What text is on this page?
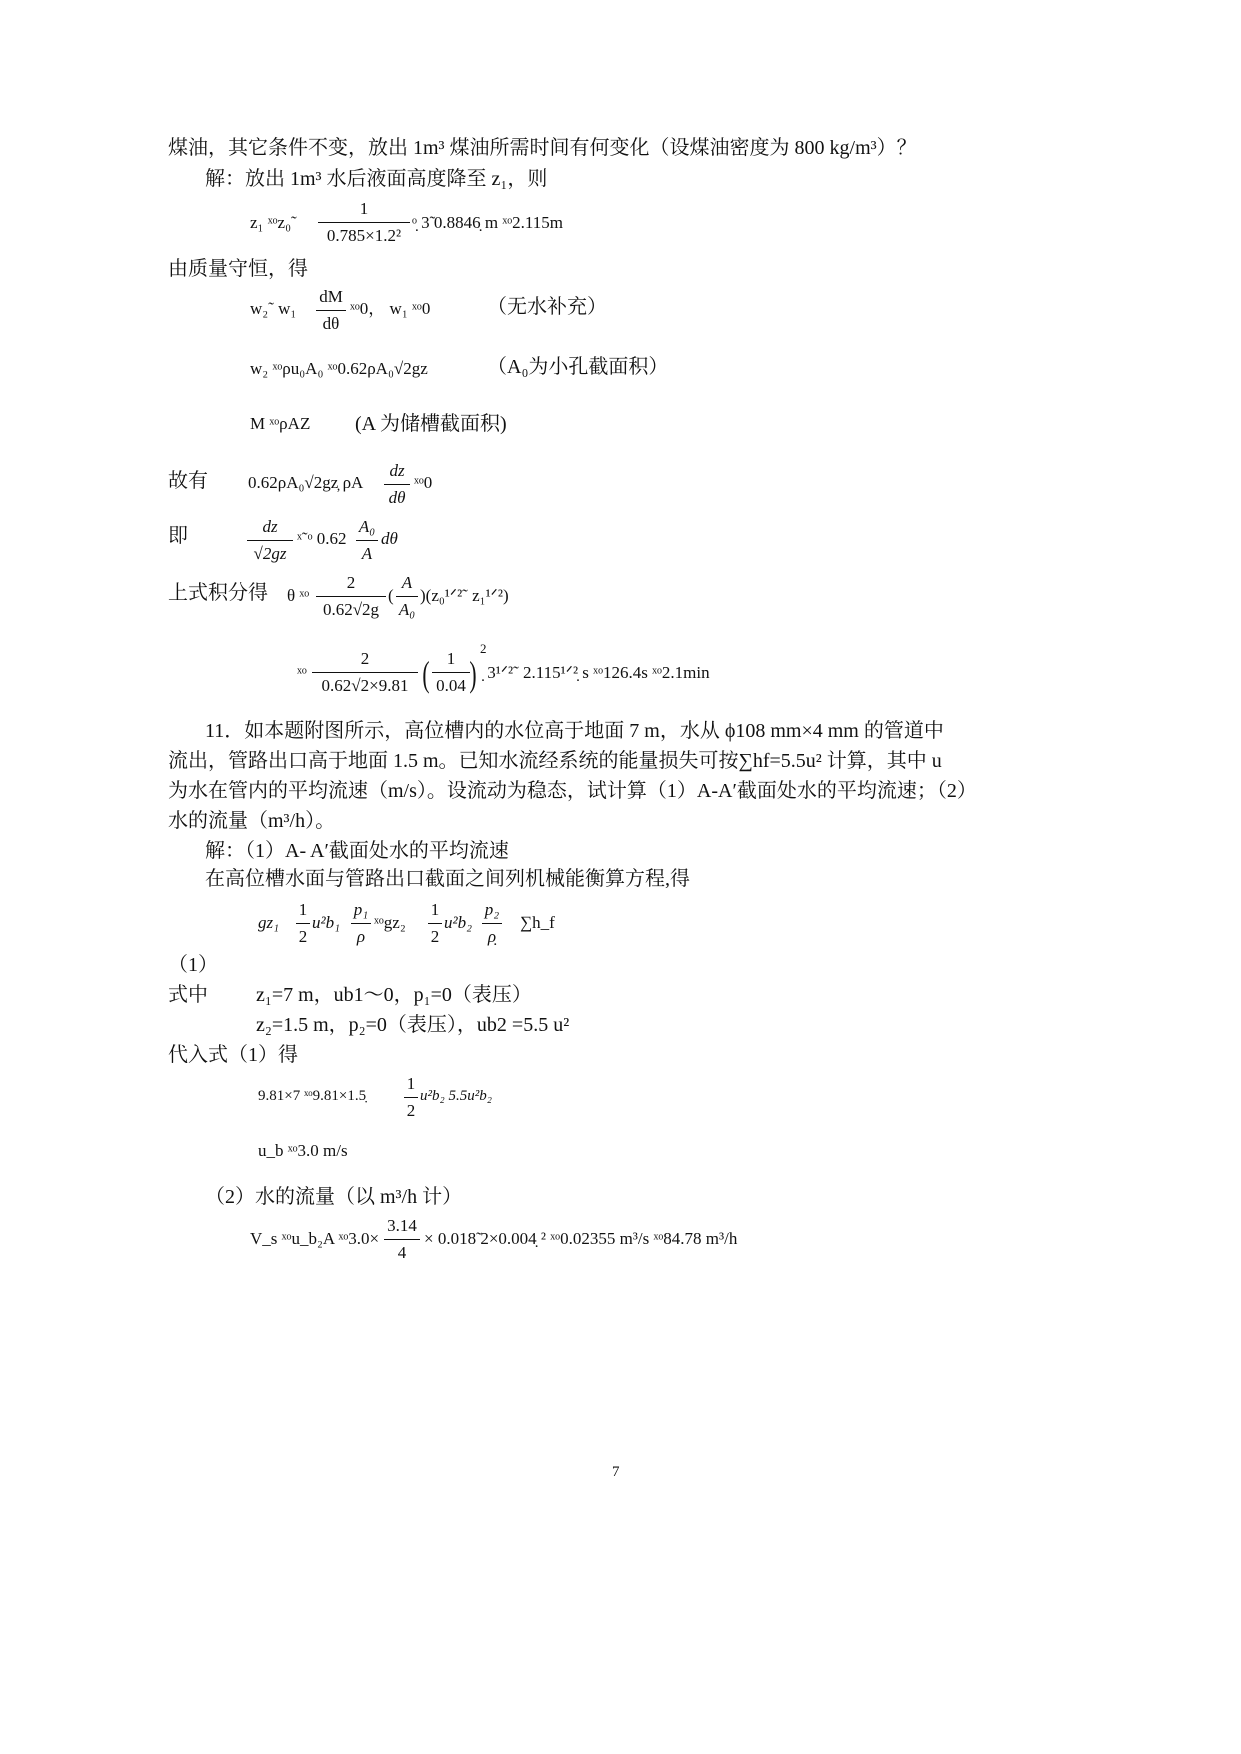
煤油，其它条件不变，放出 1m³ 煤油所需时间有何变化（设煤油密度为 800 kg/m³）？
解：放出 1m³ 水后液面高度降至 z₁，则
z₁ ˣᵒz₀˜
1
0.785×1.2²
ᵒ̣ 3̃ 0.8846̣ m ˣᵒ2.115m
由质量守恒，得
w₂˜ w₁
dM
dθ
ˣᵒ0， w₁ ˣᵒ0	（无水补充）
w₂ ˣᵒρu₀A₀ ˣᵒ0.62ρA₀√2gz	（A₀为小孔截面积）
M ˣᵒρAZ (A 为储槽截面积)
故有 0.62ρA₀√2gz̦ ρA
dz
dθ
ˣᵒ0
即	dz
√2gz
ˣ˜ᵒ 0.62
A₀
A
dθ
上式积分得 θ ˣᵒ
2
0.62√2g
(
A
A₀
)(z₀¹ᐟ²˜ z₁¹ᐟ²)
ˣᵒ
2
0.62√2×9.81 (	1
0.04 )
2
̣ 3¹ᐟ²˜ 2.115¹ᐟ²̣ s ˣᵒ126.4s ˣᵒ2.1min
11．如本题附图所示，高位槽内的水位高于地面 7 m，水从 ϕ108 mm×4 mm 的管道中
流出，管路出口高于地面 1.5 m。已知水流经系统的能量损失可按∑hf=5.5u² 计算，其中 u
为水在管内的平均流速（m/s）。设流动为稳态，试计算（1）A-A′截面处水的平均流速；（2）
水的流量（m³/h）。
解：（1）A- A′截面处水的平均流速
在高位槽水面与管路出口截面之间列机械能衡算方程,得
gz₁
1
2
u²b₁
p₁
ρ
ˣᵒgz₂
1
2
u²b₂
p₂
ρ̣
∑h_f
（1）
式中 z₁=7 m，ub1～0，p₁=0（表压）
z₂=1.5 m，p₂=0（表压），ub2 =5.5 u²
代入式（1）得
9.81×7 ˣᵒ9.81×1.5̣
1
2
u²b₂ 5.5u²b₂
u_b ˣᵒ3.0 m/s
（2）水的流量（以 m³/h 计）
V_s ˣᵒu_b₂A ˣᵒ3.0×
3.14
4
× 0.018̃ 2×0.004̣ ² ˣᵒ0.02355 m³/s ˣᵒ84.78 m³/h
7
